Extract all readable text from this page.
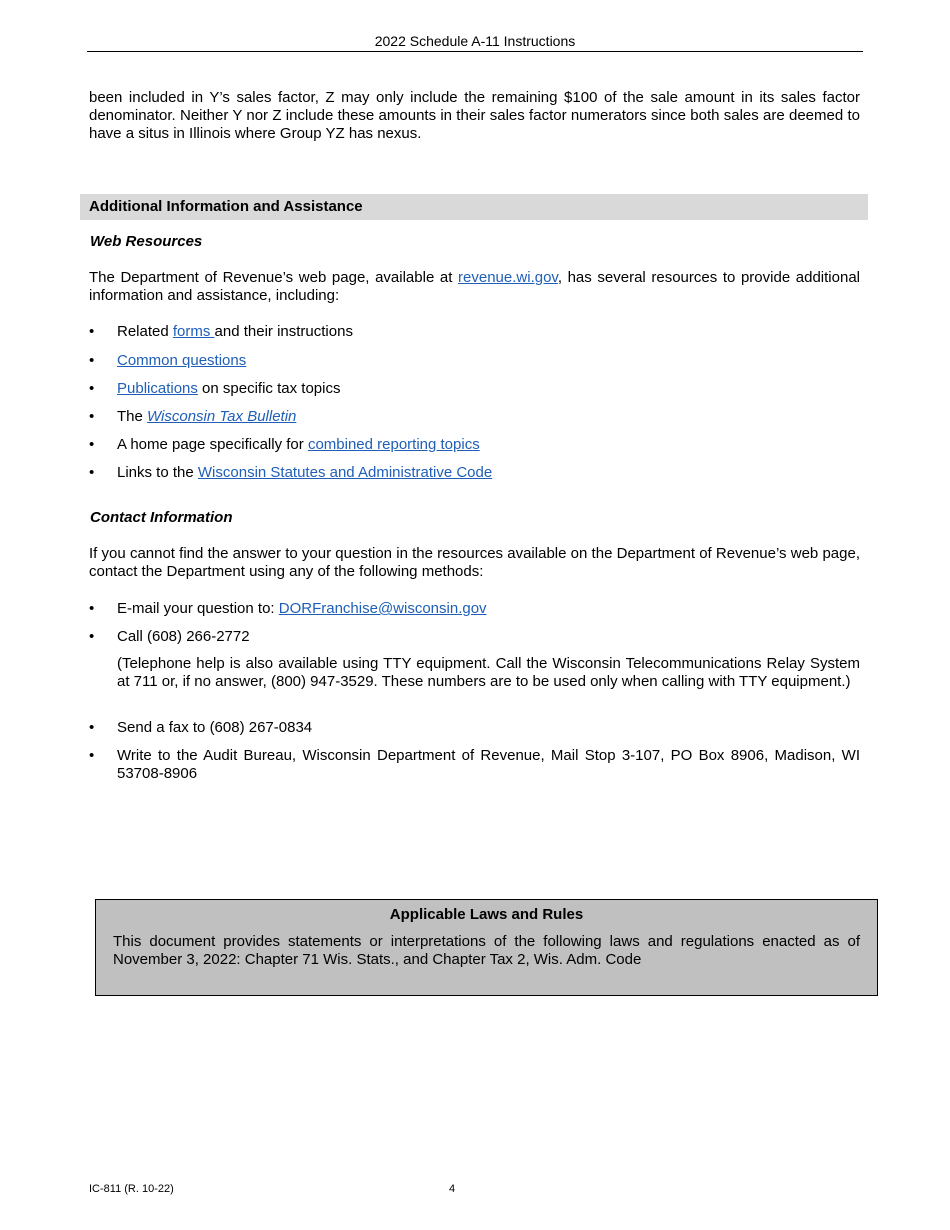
2022 Schedule A-11 Instructions

been included in Y’s sales factor, Z may only include the remaining $100 of the sale amount in its sales factor denominator. Neither Y nor Z include these amounts in their sales factor numerators since both sales are deemed to have a situs in Illinois where Group YZ has nexus.

Additional Information and Assistance

Web Resources

The Department of Revenue’s web page, available at revenue.wi.gov, has several resources to provide additional information and assistance, including:

• Related forms and their instructions
• Common questions
• Publications on specific tax topics
• The Wisconsin Tax Bulletin
• A home page specifically for combined reporting topics
• Links to the Wisconsin Statutes and Administrative Code

Contact Information

If you cannot find the answer to your question in the resources available on the Department of Revenue’s web page, contact the Department using any of the following methods:

• E-mail your question to: DORFranchise@wisconsin.gov
• Call (608) 266-2772
(Telephone help is also available using TTY equipment. Call the Wisconsin Telecommunications Relay System at 711 or, if no answer, (800) 947-3529. These numbers are to be used only when calling with TTY equipment.)
• Send a fax to (608) 267-0834
• Write to the Audit Bureau, Wisconsin Department of Revenue, Mail Stop 3-107, PO Box 8906, Madison, WI 53708-8906
Applicable Laws and Rules
This document provides statements or interpretations of the following laws and regulations enacted as of November 3, 2022: Chapter 71 Wis. Stats., and Chapter Tax 2, Wis. Adm. Code
IC-811 (R. 10-22)	4
